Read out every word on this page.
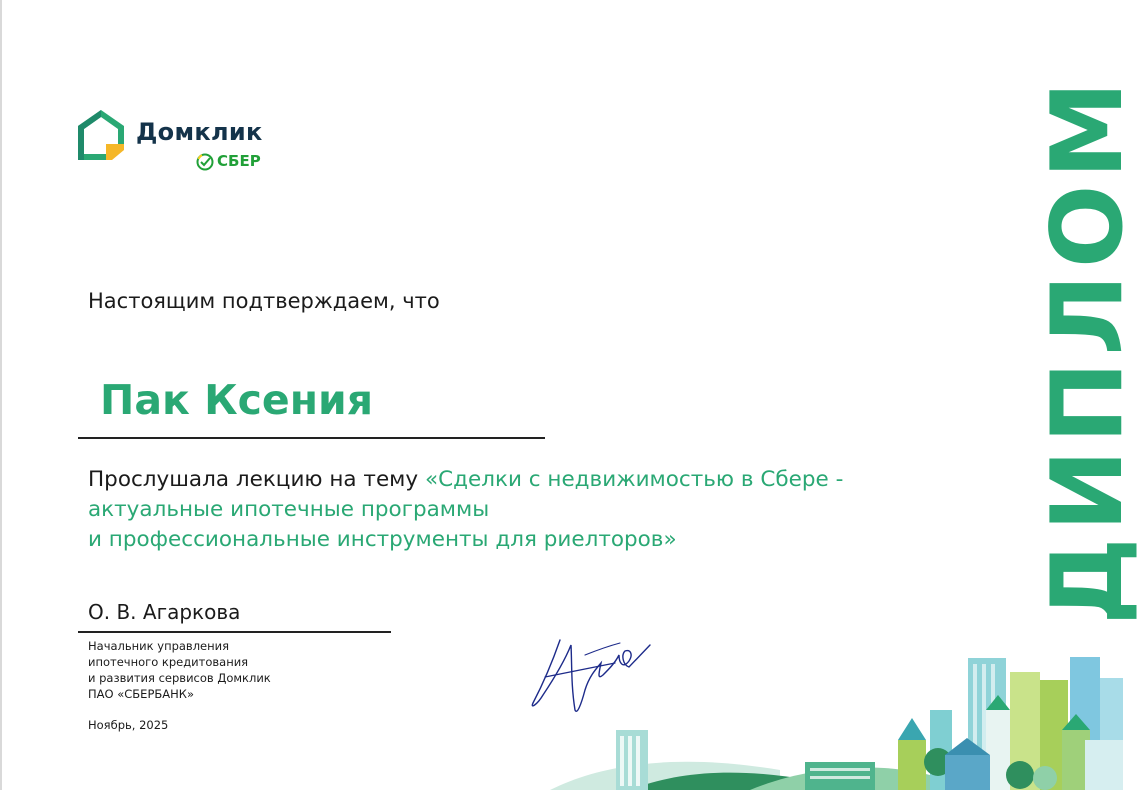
Домклик
СБЕР
Настоящим подтверждаем, что
Пак Ксения
Прослушала лекцию на тему «Сделки с недвижимостью в Сбере -
актуальные ипотечные программы
и профессиональные инструменты для риелторов»
О. В. Агаркова
Начальник управления
ипотечного кредитования
и развития сервисов Домклик
ПАО «СБЕРБАНК»
Ноябрь, 2025
ДИПЛОМ
